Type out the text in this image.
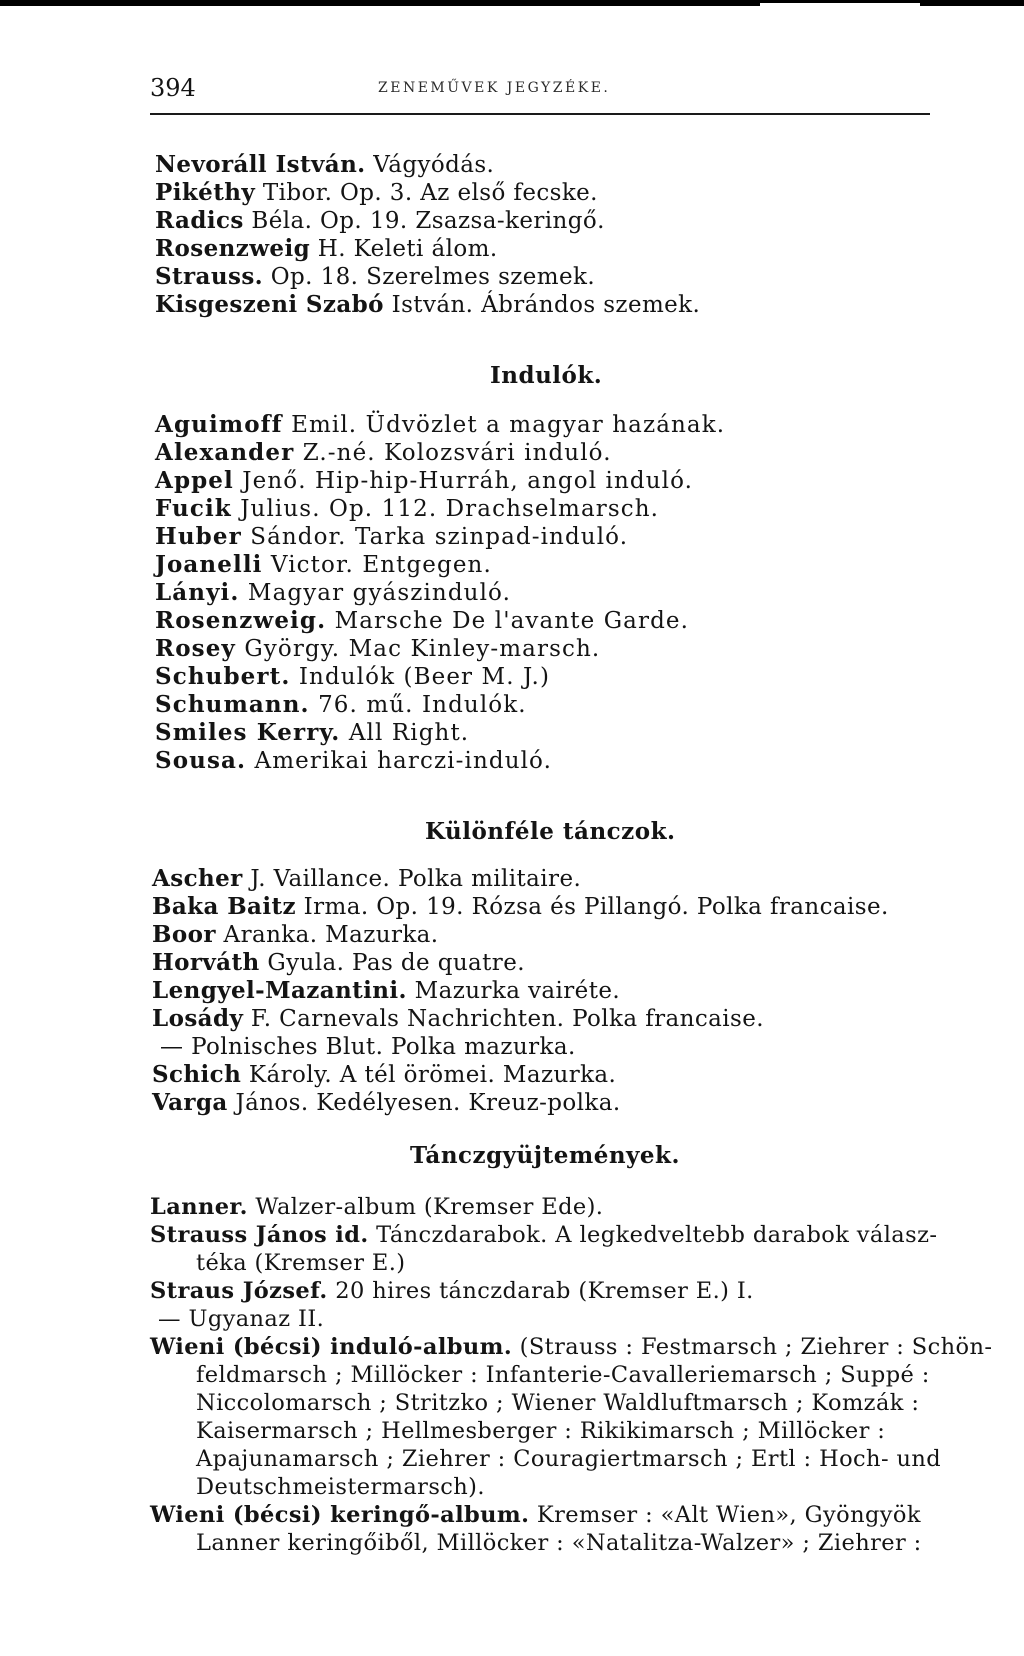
394	ZENEMŰVEK JEGYZÉKE.
Nevoráll István. Vágyódás.
Pikéthy Tibor. Op. 3. Az első fecske.
Radics Béla. Op. 19. Zsazsa-keringő.
Rosenzweig H. Keleti álom.
Strauss. Op. 18. Szerelmes szemek.
Kisgeszeni Szabó István. Ábrándos szemek.
Indulók.
Aguimoff Emil. Üdvözlet a magyar hazának.
Alexander Z.-né. Kolozsvári induló.
Appel Jenő. Hip-hip-Hurráh, angol induló.
Fucik Julius. Op. 112. Drachselmarsch.
Huber Sándor. Tarka szinpad-induló.
Joanelli Victor. Entgegen.
Lányi. Magyar gyászinduló.
Rosenzweig. Marsche De l'avante Garde.
Rosey György. Mac Kinley-marsch.
Schubert. Indulók (Beer M. J.)
Schumann. 76. mű. Indulók.
Smiles Kerry. All Right.
Sousa. Amerikai harczi-induló.
Különféle tánczok.
Ascher J. Vaillance. Polka militaire.
Baka Baitz Irma. Op. 19. Rózsa és Pillangó. Polka francaise.
Boor Aranka. Mazurka.
Horváth Gyula. Pas de quatre.
Lengyel-Mazantini. Mazurka vairéte.
Losády F. Carnevals Nachrichten. Polka francaise.
— Polnisches Blut. Polka mazurka.
Schich Károly. A tél örömei. Mazurka.
Varga János. Kedélyesen. Kreuz-polka.
Tánczgyüjtemények.
Lanner. Walzer-album (Kremser Ede).
Strauss János id. Tánczdarabok. A legkedveltebb darabok válasz-
téka (Kremser E.)
Straus József. 20 hires tánczdarab (Kremser E.) I.
— Ugyanaz II.
Wieni (bécsi) induló-album. (Strauss : Festmarsch ; Ziehrer : Schön-
feldmarsch ; Millöcker : Infanterie-Cavalleriemarsch ; Suppé :
Niccolomarsch ; Stritzko ; Wiener Waldluftmarsch ; Komzák :
Kaisermarsch ; Hellmesberger : Rikikimarsch ; Millöcker :
Apajunamarsch ; Ziehrer : Couragiertmarsch ; Ertl : Hoch- und
Deutschmeistermarsch).
Wieni (bécsi) keringő-album. Kremser : «Alt Wien», Gyöngyök
Lanner keringőiből, Millöcker : «Natalitza-Walzer» ; Ziehrer :
